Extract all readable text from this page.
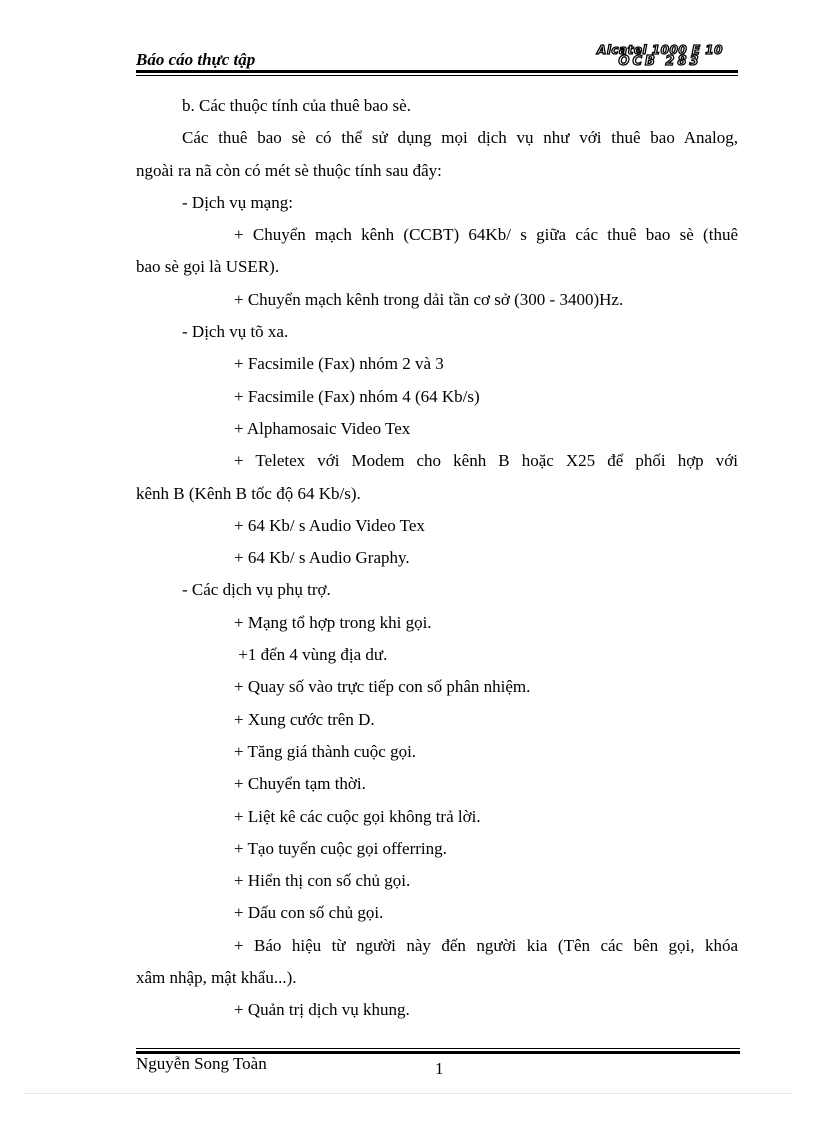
Báo cáo thực tập	Alcatel 1000 E 10
OCB 283

b. Các thuộc tính của thuê bao sè.

Các thuê bao sè có thể sử dụng mọi dịch vụ như với thuê bao Analog,

ngoài ra nã còn có mét sè thuộc tính sau đây:

- Dịch vụ mạng:

+ Chuyển mạch kênh (CCBT) 64Kb/ s giữa các thuê bao sè (thuê

bao sè gọi là USER).

+ Chuyển mạch kênh trong dải tần cơ sở (300 - 3400)Hz.

- Dịch vụ tõ xa.

+ Facsimile (Fax) nhóm 2 và 3

+ Facsimile (Fax) nhóm 4 (64 Kb/s)

+ Alphamosaic Video Tex

+ Teletex với Modem cho kênh B hoặc X25 để phối hợp với

kênh B (Kênh B tốc độ 64 Kb/s).

+ 64 Kb/ s Audio Video Tex

+ 64 Kb/ s Audio Graphy.

- Các dịch vụ phụ trợ.

+ Mạng tổ hợp trong khi gọi.

+1 đến 4 vùng địa dư.

+ Quay số vào trực tiếp con số phân nhiệm.

+ Xung cước trên D.

+ Tăng giá thành cuộc gọi.

+ Chuyển tạm thời.

+ Liệt kê các cuộc gọi không trả lời.

+ Tạo tuyến cuộc gọi offerring.

+ Hiển thị con số chủ gọi.

+ Dấu con số chủ gọi.

+ Báo hiệu từ người này đến người kia (Tên các bên gọi, khóa

xâm nhập, mật khẩu...).

+ Quản trị dịch vụ khung.

Nguyễn Song Toàn	1
